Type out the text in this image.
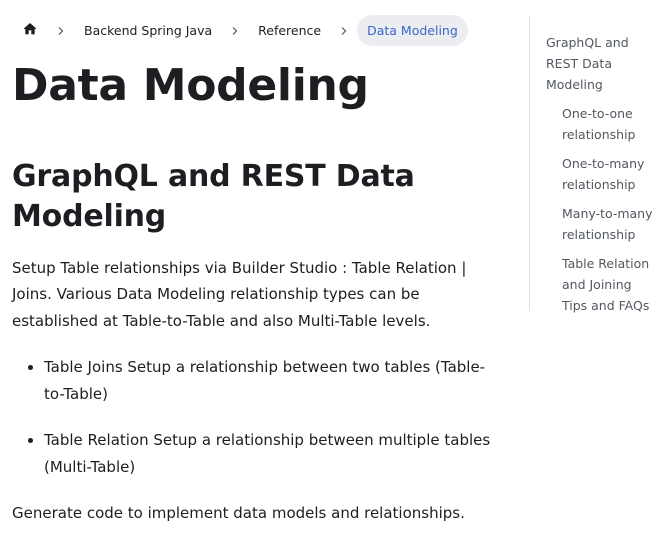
Backend Spring Java	Reference	Data Modeling
Data Modeling
GraphQL and REST Data Modeling

Setup Table relationships via Builder Studio : Table Relation | Joins. Various Data Modeling relationship types can be established at Table-to-Table and also Multi-Table levels.

• Table Joins Setup a relationship between two tables (Table-to-Table)
• Table Relation Setup a relationship between multiple tables (Multi-Table)

Generate code to implement data models and relationships.

GraphQL and REST Data Modeling
One-to-one relationship
One-to-many relationship
Many-to-many relationship
Table Relation and Joining Tips and FAQs
